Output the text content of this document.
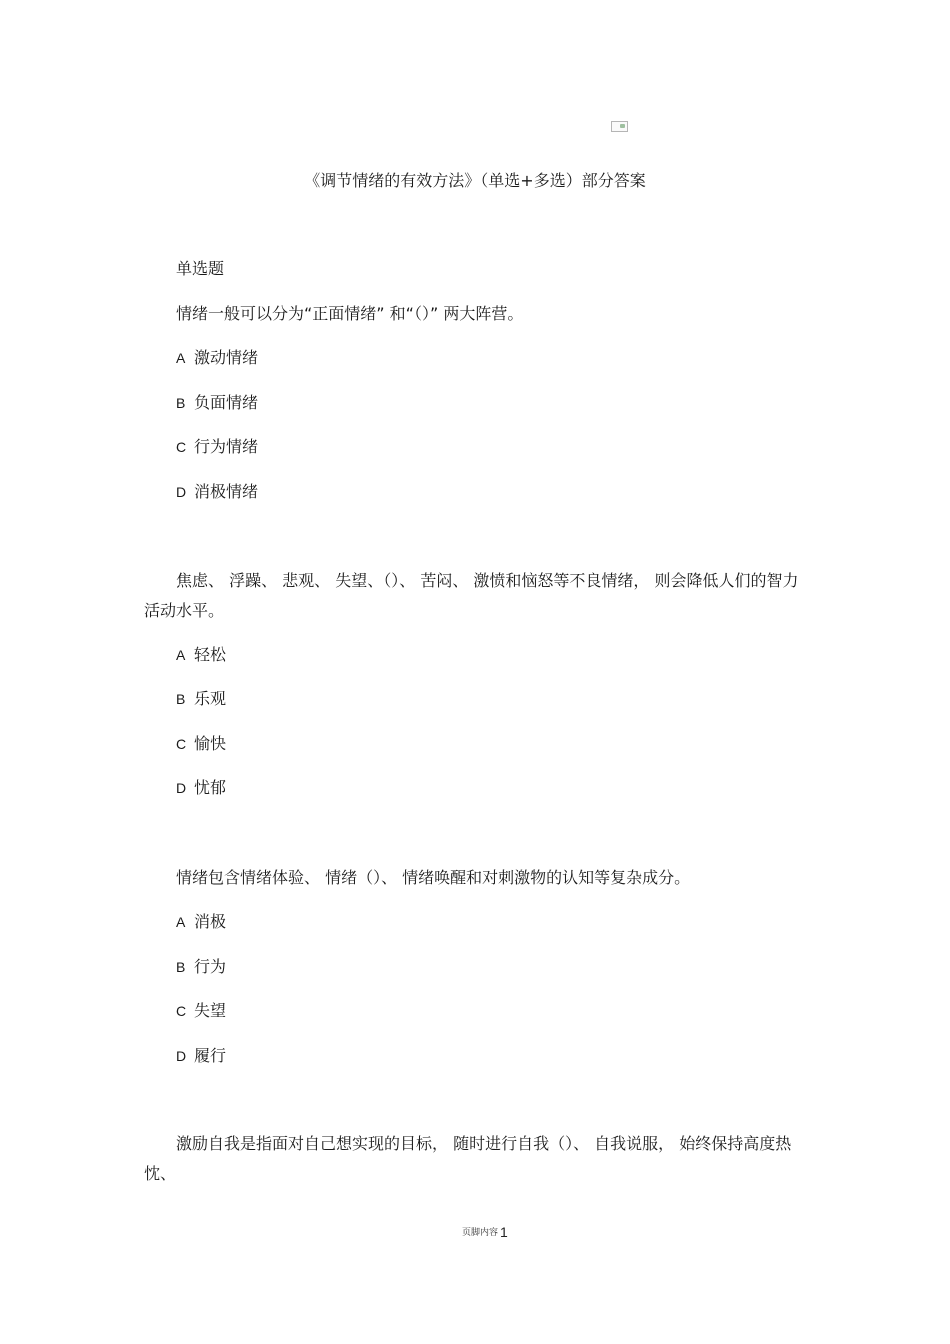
《调节情绪的有效方法》（单选+多选）部分答案
单选题
情绪一般可以分为“正面情绪” 和“（）” 两大阵营。
A 激动情绪
B 负面情绪
C 行为情绪
D 消极情绪
焦虑、 浮躁、 悲观、 失望、（）、 苦闷、 激愤和恼怒等不良情绪， 则会降低人们的智力活动水平。
A 轻松
B 乐观
C 愉快
D 忧郁
情绪包含情绪体验、 情绪（）、 情绪唤醒和对刺激物的认知等复杂成分。
A 消极
B 行为
C 失望
D 履行
激励自我是指面对自己想实现的目标， 随时进行自我（）、 自我说服， 始终保持高度热忱、
页脚内容 1
